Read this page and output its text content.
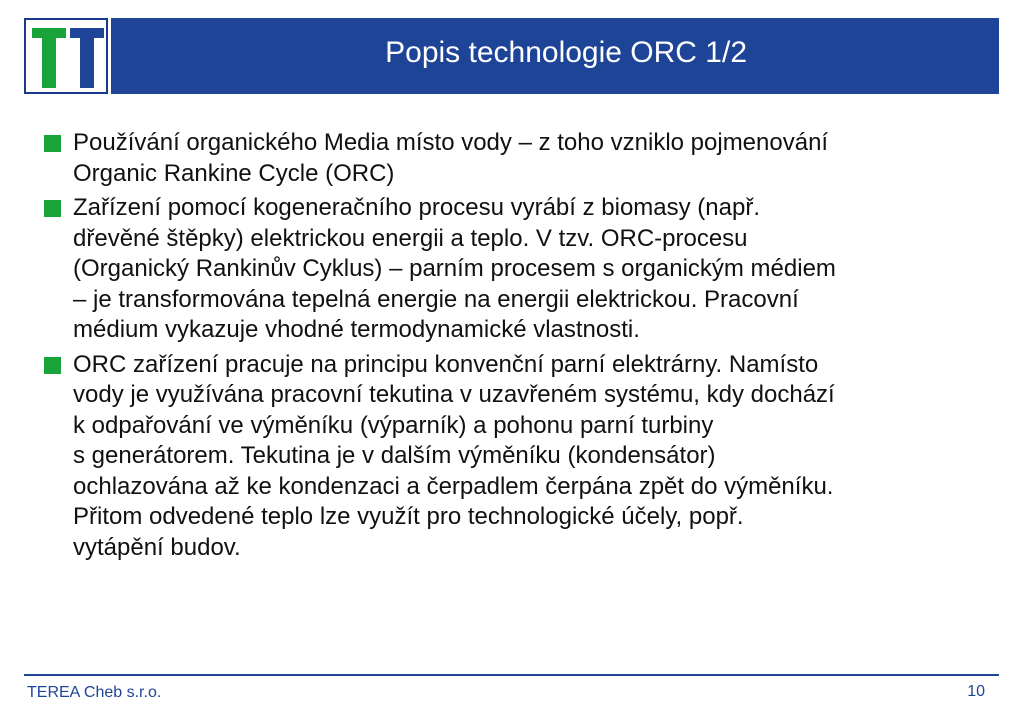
Popis technologie ORC 1/2
Používání organického Media místo vody – z toho vzniklo pojmenování
Organic Rankine Cycle (ORC)
Zařízení pomocí kogeneračního procesu vyrábí z biomasy (např.
dřevěné štěpky) elektrickou energii a teplo. V tzv. ORC-procesu
(Organický Rankinův Cyklus) – parním procesem s organickým médiem
– je transformována tepelná energie na energii elektrickou. Pracovní
médium vykazuje vhodné termodynamické vlastnosti.
ORC zařízení pracuje na principu konvenční parní elektrárny. Namísto
vody je využívána pracovní tekutina v uzavřeném systému, kdy dochází
k odpařování ve výměníku (výparník) a pohonu parní turbiny
s generátorem. Tekutina je v dalším výměníku (kondensátor)
ochlazována až ke kondenzaci a čerpadlem čerpána zpět do výměníku.
Přitom odvedené teplo lze využít pro technologické účely, popř.
vytápění budov.
TEREA Cheb s.r.o.	10
